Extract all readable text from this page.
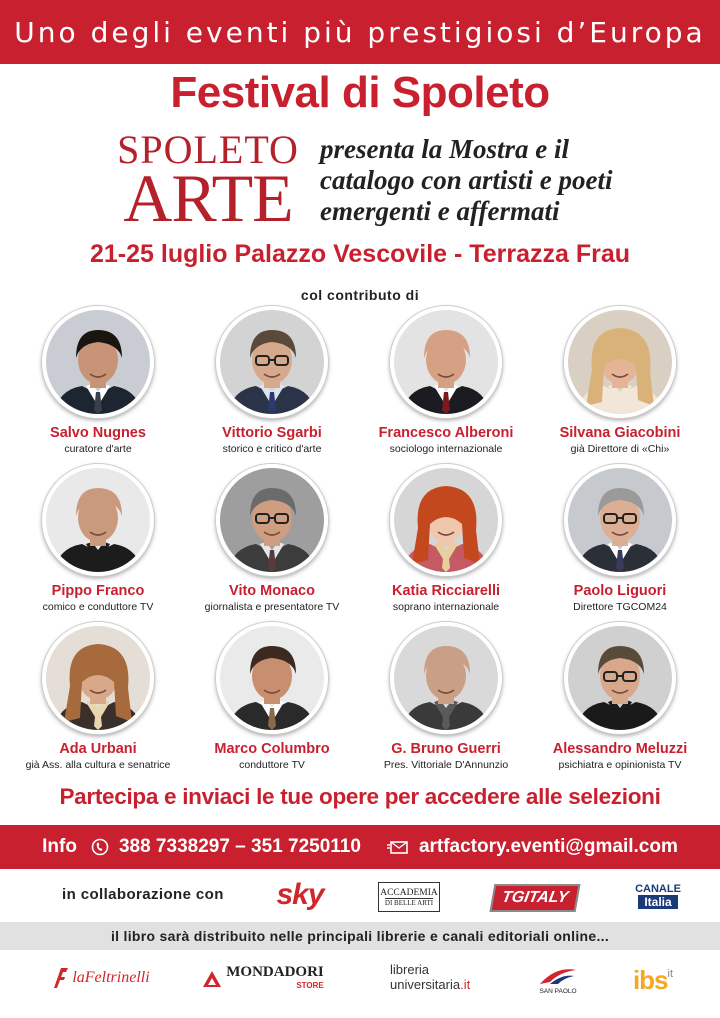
Uno degli eventi più prestigiosi d’Europa
Festival di Spoleto
SPOLETO
ARTE
presenta la Mostra e il
catalogo con artisti e poeti
emergenti e affermati
21-25 luglio Palazzo Vescovile - Terrazza Frau
col contributo di
Salvo Nugnes
curatore d'arte
Vittorio Sgarbi
storico e critico d'arte
Francesco Alberoni
sociologo internazionale
Silvana Giacobini
già Direttore di «Chi»
Pippo Franco
comico e conduttore TV
Vito Monaco
giornalista e presentatore TV
Katia Ricciarelli
soprano internazionale
Paolo Liguori
Direttore TGCOM24
Ada Urbani
già Ass. alla cultura e senatrice
Marco Columbro
conduttore TV
G. Bruno Guerri
Pres. Vittoriale D'Annunzio
Alessandro Meluzzi
psichiatra e opinionista TV
Partecipa e inviaci le tue opere per accedere alle selezioni
Info 388 7338297 – 351 7250110	artfactory.eventi@gmail.com
in collaborazione con sky	ACCADEMIA
DI BELLE ARTI	TGITALY	CANALE
Italia
il libro sarà distribuito nelle principali librerie e canali editoriali online...
laFeltrinelli	MONDADORI
STORE
libreria
universitaria.it	SAN PAOLO ibs it
